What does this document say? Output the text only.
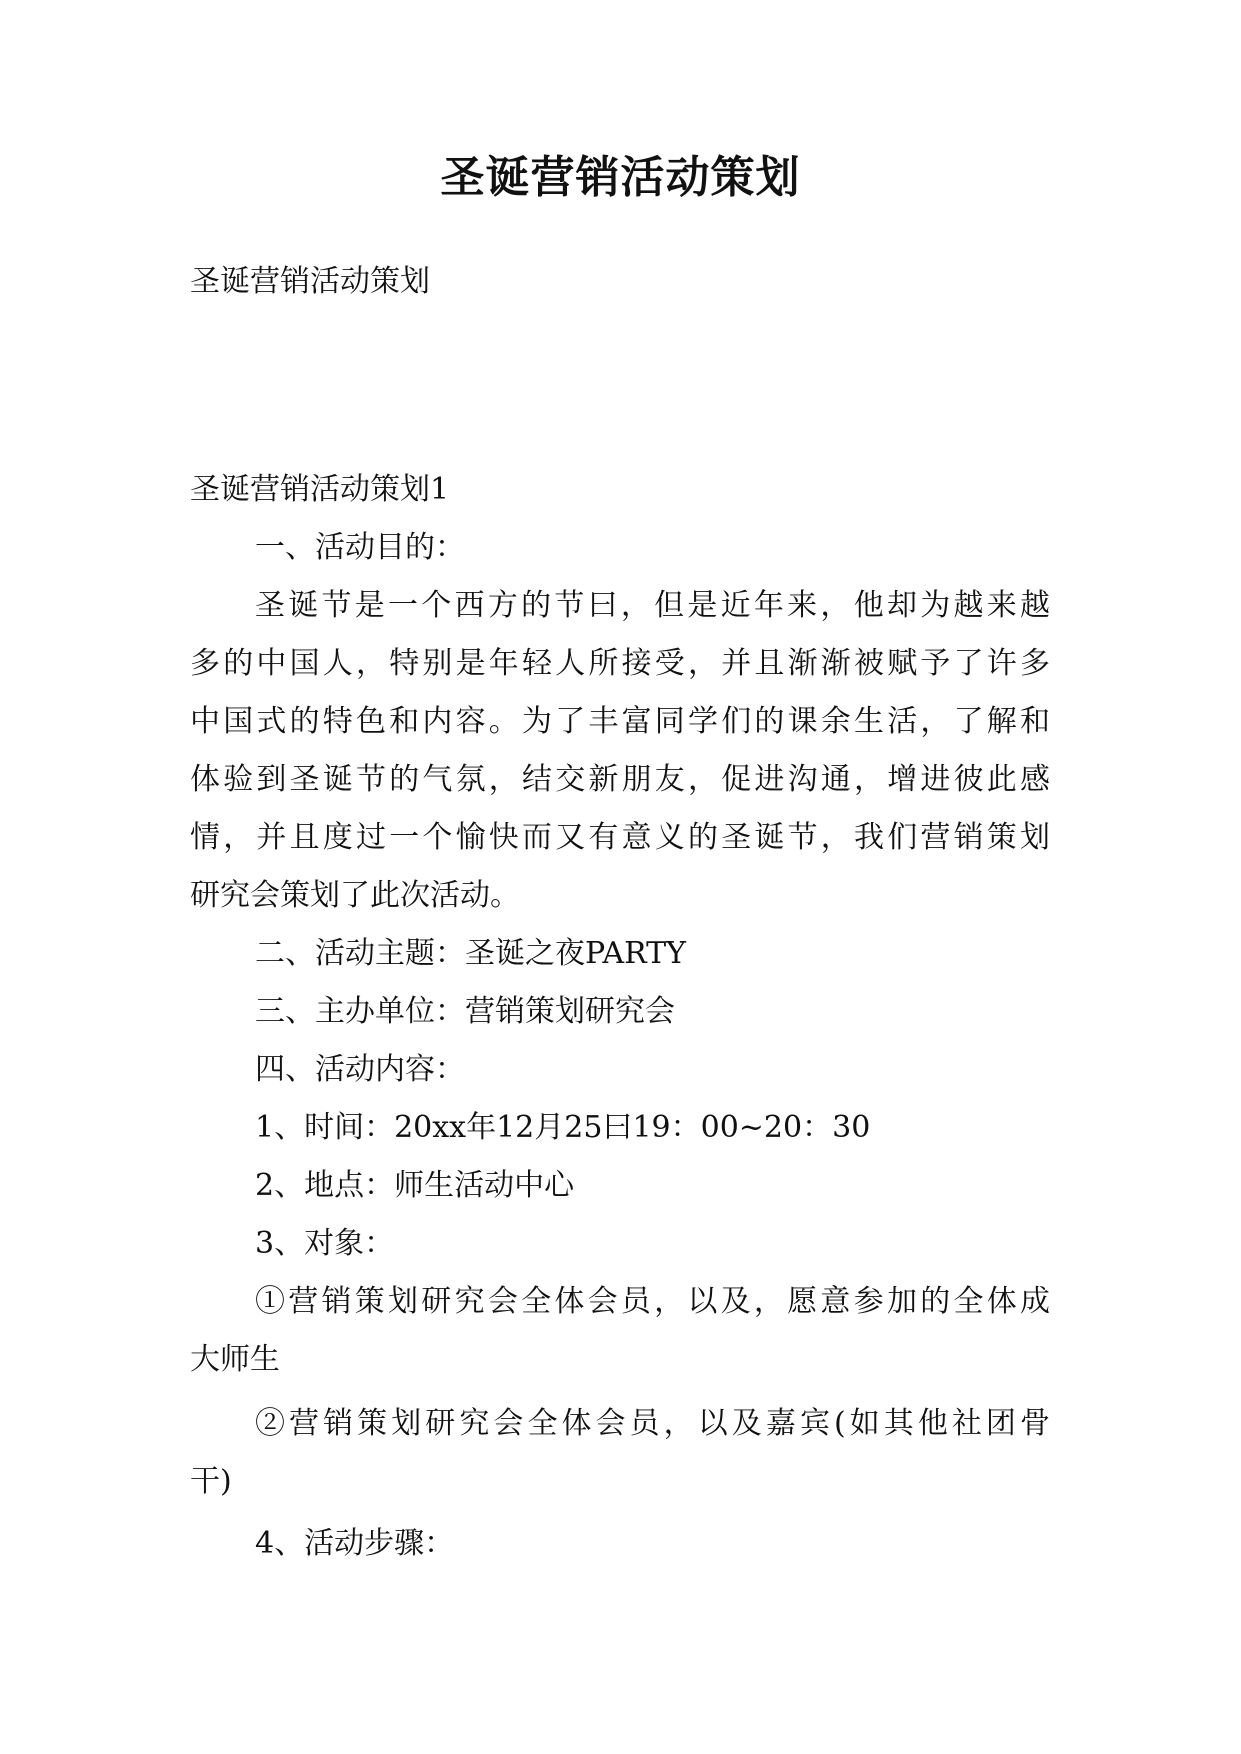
圣诞营销活动策划
圣诞营销活动策划
圣诞营销活动策划1
一、活动目的：
圣诞节是一个西方的节曰，但是近年来，他却为越来越
多的中国人，特别是年轻人所接受，并且渐渐被赋予了许多
中国式的特色和内容。为了丰富同学们的课余生活，了解和
体验到圣诞节的气氛，结交新朋友，促进沟通，增进彼此感
情，并且度过一个愉快而又有意义的圣诞节，我们营销策划
研究会策划了此次活动。
二、活动主题：圣诞之夜PARTY
三、主办单位：营销策划研究会
四、活动内容：
1、时间：20xx年12月25曰19：00~20：30
2、地点：师生活动中心
3、对象：
①营销策划研究会全体会员，以及，愿意参加的全体成
大师生
②营销策划研究会全体会员，以及嘉宾(如其他社团骨
干)
4、活动步骤：
